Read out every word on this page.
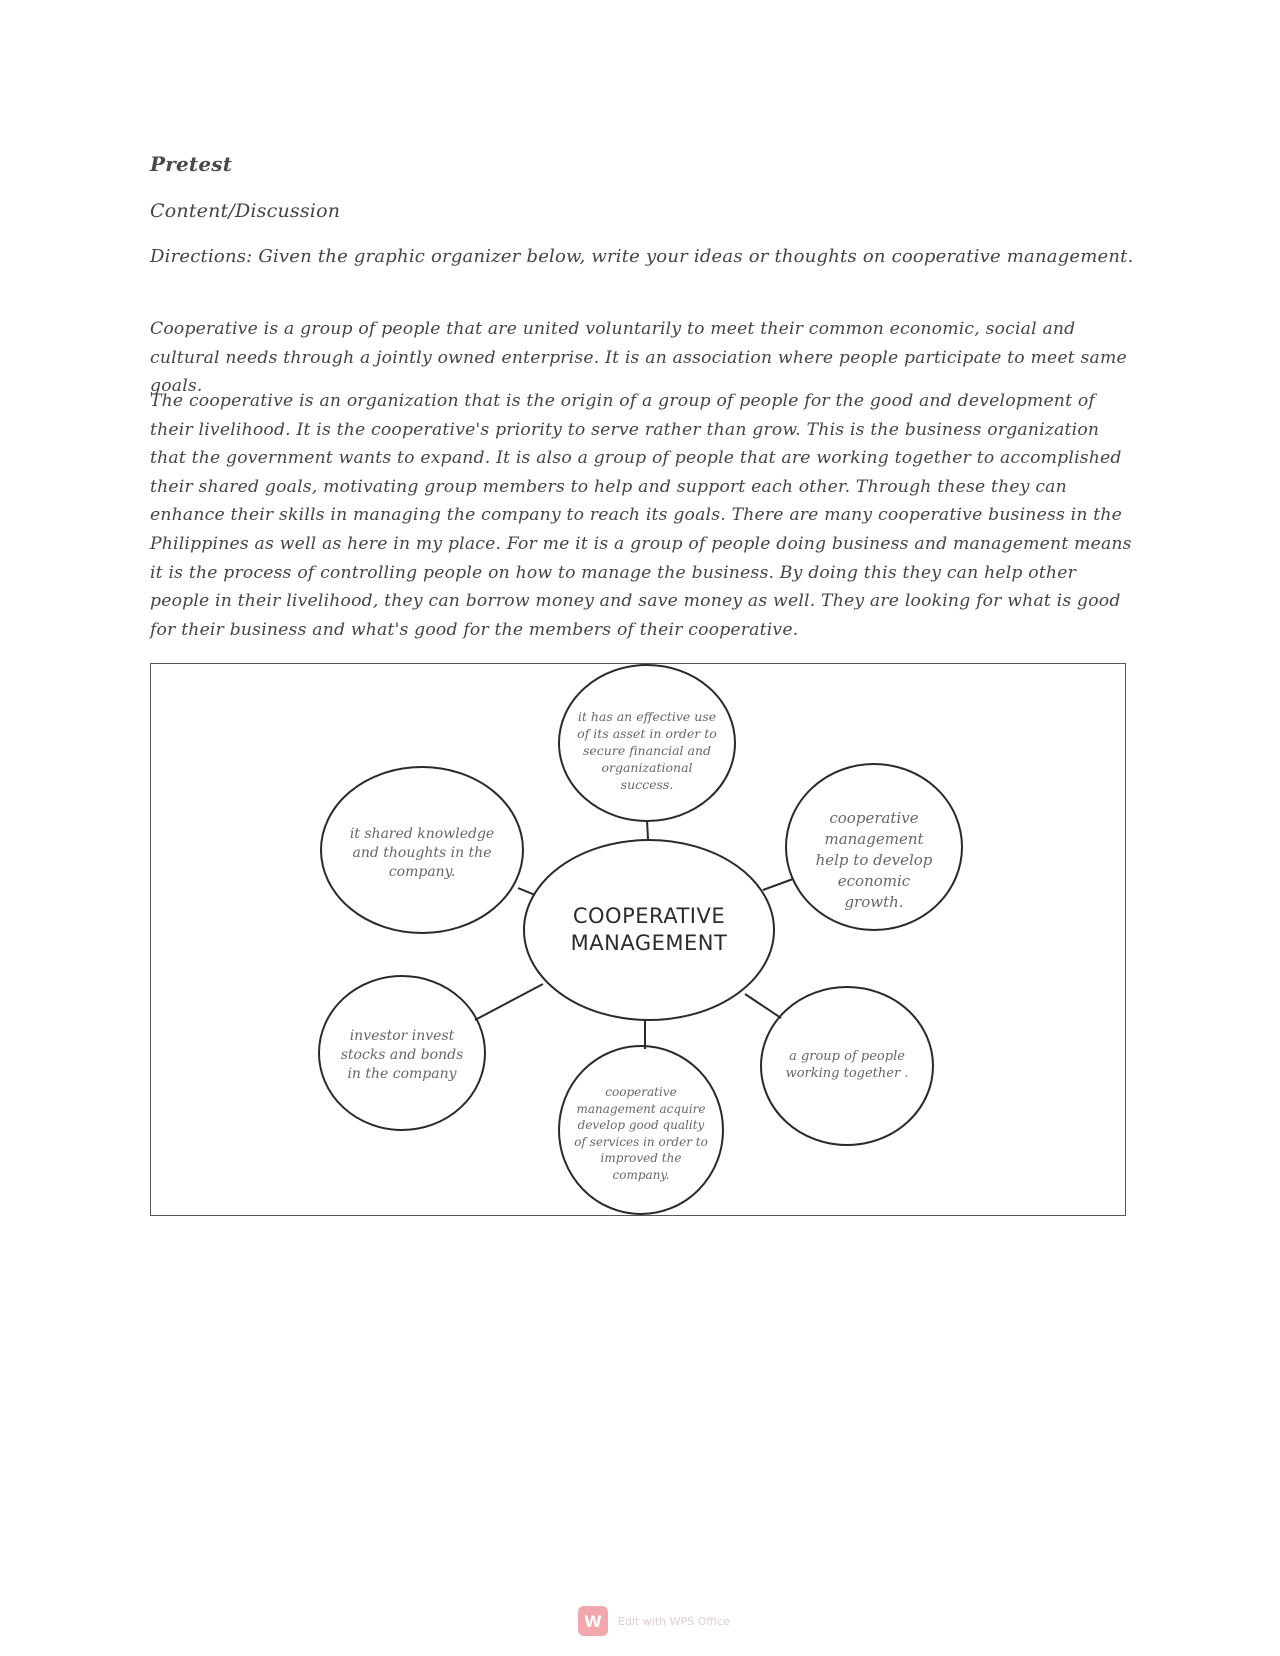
Pretest
Content/Discussion
Directions: Given the graphic organizer below, write your ideas or thoughts on cooperative management.

Cooperative is a group of people that are united voluntarily to meet their common economic, social and cultural needs through a jointly owned enterprise. It is an association where people participate to meet same goals.

The cooperative is an organization that is the origin of a group of people for the good and development of their livelihood. It is the cooperative's priority to serve rather than grow. This is the business organization that the government wants to expand. It is also a group of people that are working together to accomplished their shared goals, motivating group members to help and support each other. Through these they can enhance their skills in managing the company to reach its goals. There are many cooperative business in the Philippines as well as here in my place. For me it is a group of people doing business and management means it is the process of controlling people on how to manage the business. By doing this they can help other people in their livelihood, they can borrow money and save money as well. They are looking for what is good for their business and what's good for the members of their cooperative.

COOPERATIVE
MANAGEMENT
it has an effective use of its asset in order to secure financial and organizational success.
it shared knowledge and thoughts in the company.
cooperative management help to develop economic growth.
investor invest stocks and bonds in the company
a group of people working together .
cooperative management acquire develop good quality of services in order to improved the company.
W	Edit with WPS Office
